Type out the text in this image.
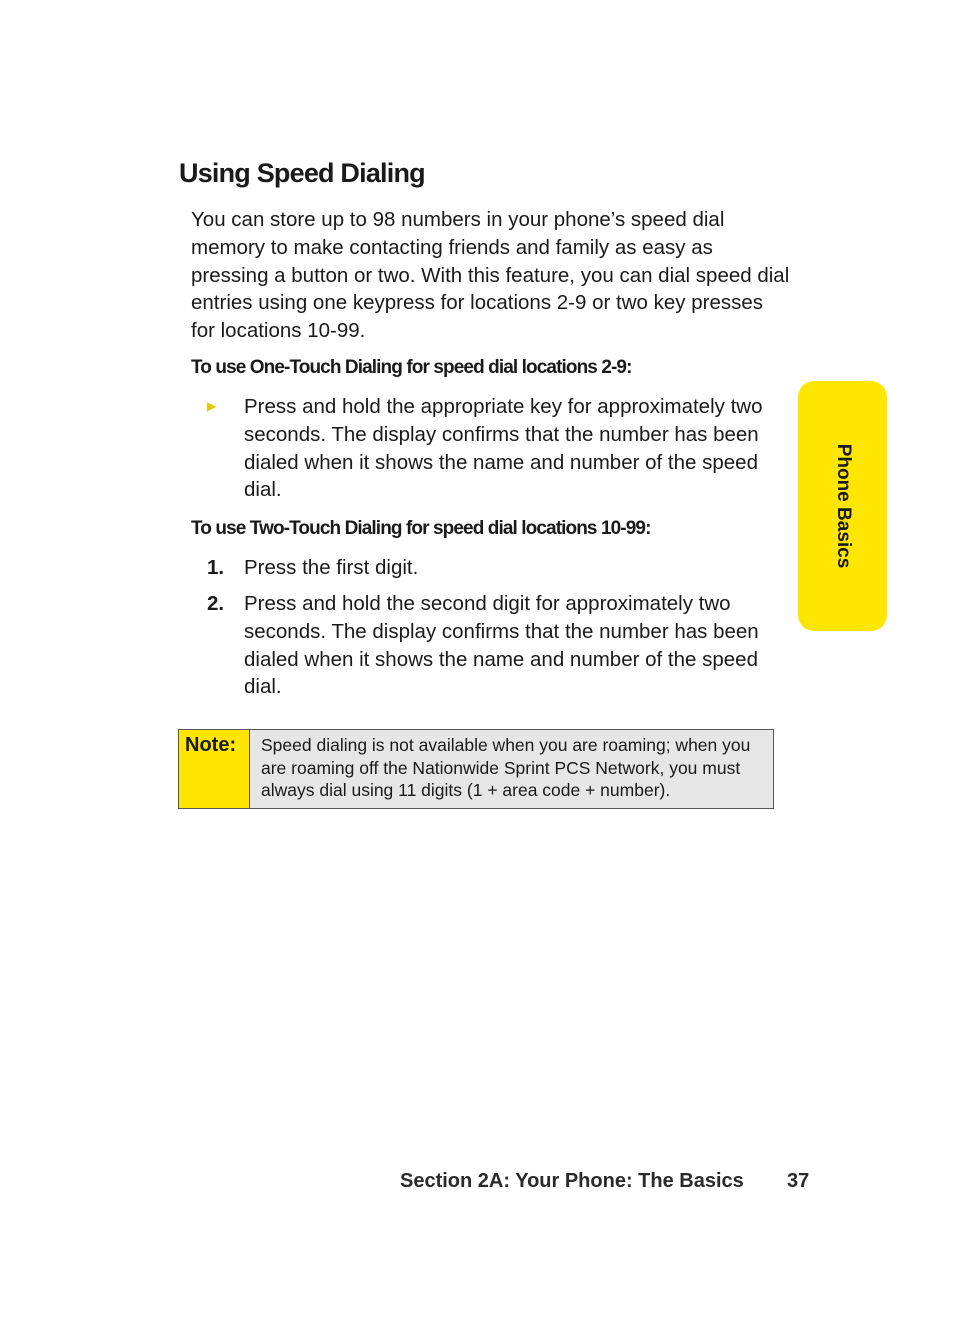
Using Speed Dialing

You can store up to 98 numbers in your phone’s speed dial memory to make contacting friends and family as easy as pressing a button or two. With this feature, you can dial speed dial entries using one keypress for locations 2-9 or two key presses for locations 10-99.

To use One-Touch Dialing for speed dial locations 2-9:

▶ Press and hold the appropriate key for approximately two seconds. The display confirms that the number has been dialed when it shows the name and number of the speed dial.

To use Two-Touch Dialing for speed dial locations 10-99:

1. Press the first digit.

2. Press and hold the second digit for approximately two seconds. The display confirms that the number has been dialed when it shows the name and number of the speed dial.

Note:	Speed dialing is not available when you are roaming; when you are roaming off the Nationwide Sprint PCS Network, you must always dial using 11 digits (1 + area code + number).

Phone Basics

Section 2A: Your Phone: The Basics 37
